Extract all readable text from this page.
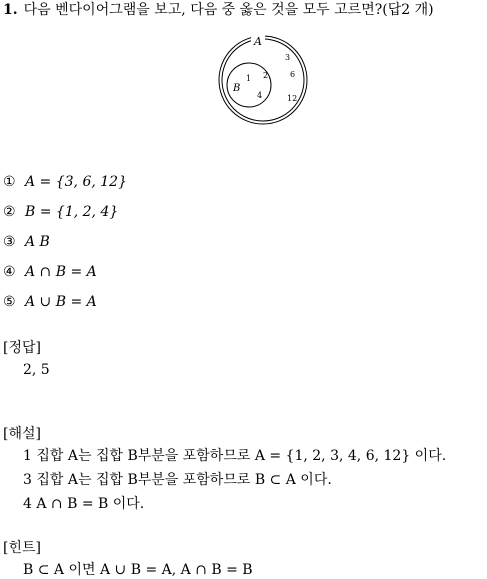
1. 다음 벤다이어그램을 보고, 다음 중 옳은 것을 모두 고르면?(답2 개)
A
B
1 2
4
3
6
12
① A = {3, 6, 12}
② B = {1, 2, 4}
③ A B
④ A ∩ B = A
⑤ A ∪ B = A
[정답]
2, 5
[해설]
1 집합 A는 집합 B부분을 포함하므로 A = {1, 2, 3, 4, 6, 12} 이다.
3 집합 A는 집합 B부분을 포함하므로 B ⊂ A 이다.
4 A ∩ B = B 이다.
[힌트]
B ⊂ A 이면 A ∪ B = A, A ∩ B = B
